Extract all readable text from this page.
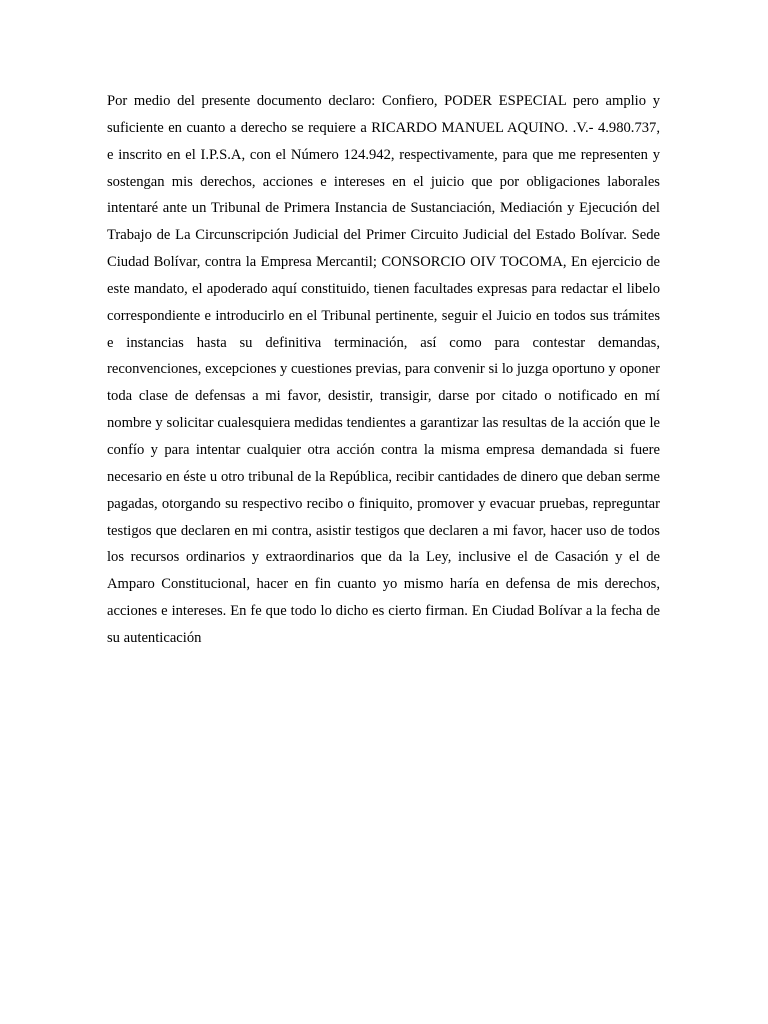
Por medio del presente documento declaro: Confiero, PODER ESPECIAL pero amplio y suficiente en cuanto a derecho se requiere a RICARDO MANUEL AQUINO. .V.- 4.980.737, e inscrito en el I.P.S.A, con el Número 124.942, respectivamente, para que me representen y sostengan mis derechos, acciones e intereses en el juicio que por obligaciones laborales intentaré ante un Tribunal de Primera Instancia de Sustanciación, Mediación y Ejecución del Trabajo de La Circunscripción Judicial del Primer Circuito Judicial del Estado Bolívar. Sede Ciudad Bolívar, contra la Empresa Mercantil; CONSORCIO OIV TOCOMA, En ejercicio de este mandato, el apoderado aquí constituido, tienen facultades expresas para redactar el libelo correspondiente e introducirlo en el Tribunal pertinente, seguir el Juicio en todos sus trámites e instancias hasta su definitiva terminación, así como para contestar demandas, reconvenciones, excepciones y cuestiones previas, para convenir si lo juzga oportuno y oponer toda clase de defensas a mi favor, desistir, transigir, darse por citado o notificado en mí nombre y solicitar cualesquiera medidas tendientes a garantizar las resultas de la acción que le confío y para intentar cualquier otra acción contra la misma empresa demandada si fuere necesario en éste u otro tribunal de la República, recibir cantidades de dinero que deban serme pagadas, otorgando su respectivo recibo o finiquito, promover y evacuar pruebas, repreguntar testigos que declaren en mi contra, asistir testigos que declaren a mi favor, hacer uso de todos los recursos ordinarios y extraordinarios que da la Ley, inclusive el de Casación y el de Amparo Constitucional, hacer en fin cuanto yo mismo haría en defensa de mis derechos, acciones e intereses. En fe que todo lo dicho es cierto firman. En Ciudad Bolívar a la fecha de su autenticación
